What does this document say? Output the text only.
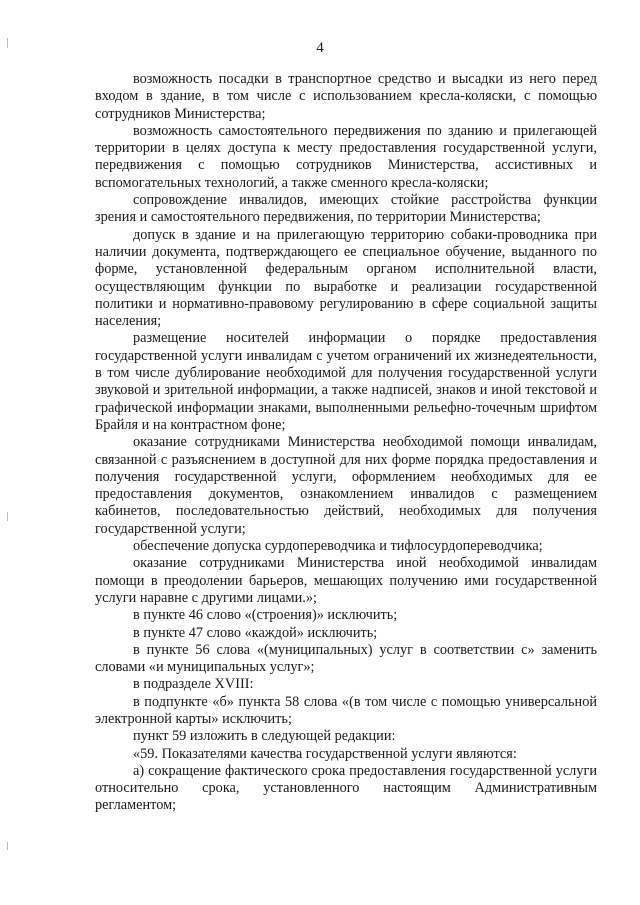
4

возможность посадки в транспортное средство и высадки из него перед входом в здание, в том числе с использованием кресла-коляски, с помощью сотрудников Министерства;

возможность самостоятельного передвижения по зданию и прилегающей территории в целях доступа к месту предоставления государственной услуги, передвижения с помощью сотрудников Министерства, ассистивных и вспомогательных технологий, а также сменного кресла-коляски;

сопровождение инвалидов, имеющих стойкие расстройства функции зрения и самостоятельного передвижения, по территории Министерства;

допуск в здание и на прилегающую территорию собаки-проводника при наличии документа, подтверждающего ее специальное обучение, выданного по форме, установленной федеральным органом исполнительной власти, осуществляющим функции по выработке и реализации государственной политики и нормативно-правовому регулированию в сфере социальной защиты населения;

размещение носителей информации о порядке предоставления государственной услуги инвалидам с учетом ограничений их жизнедеятельности, в том числе дублирование необходимой для получения государственной услуги звуковой и зрительной информации, а также надписей, знаков и иной текстовой и графической информации знаками, выполненными рельефно-точечным шрифтом Брайля и на контрастном фоне;

оказание сотрудниками Министерства необходимой помощи инвалидам, связанной с разъяснением в доступной для них форме порядка предоставления и получения государственной услуги, оформлением необходимых для ее предоставления документов, ознакомлением инвалидов с размещением кабинетов, последовательностью действий, необходимых для получения государственной услуги;

обеспечение допуска сурдопереводчика и тифлосурдопереводчика;

оказание сотрудниками Министерства иной необходимой инвалидам помощи в преодолении барьеров, мешающих получению ими государственной услуги наравне с другими лицами.»;

в пункте 46 слово «(строения)» исключить;

в пункте 47 слово «каждой» исключить;

в пункте 56 слова «(муниципальных) услуг в соответствии с» заменить словами «и муниципальных услуг»;

в подразделе XVIII:

в подпункте «б» пункта 58 слова «(в том числе с помощью универсальной электронной карты» исключить;

пункт 59 изложить в следующей редакции:

«59. Показателями качества государственной услуги являются:

а) сокращение фактического срока предоставления государственной услуги относительно срока, установленного настоящим Административным регламентом;
